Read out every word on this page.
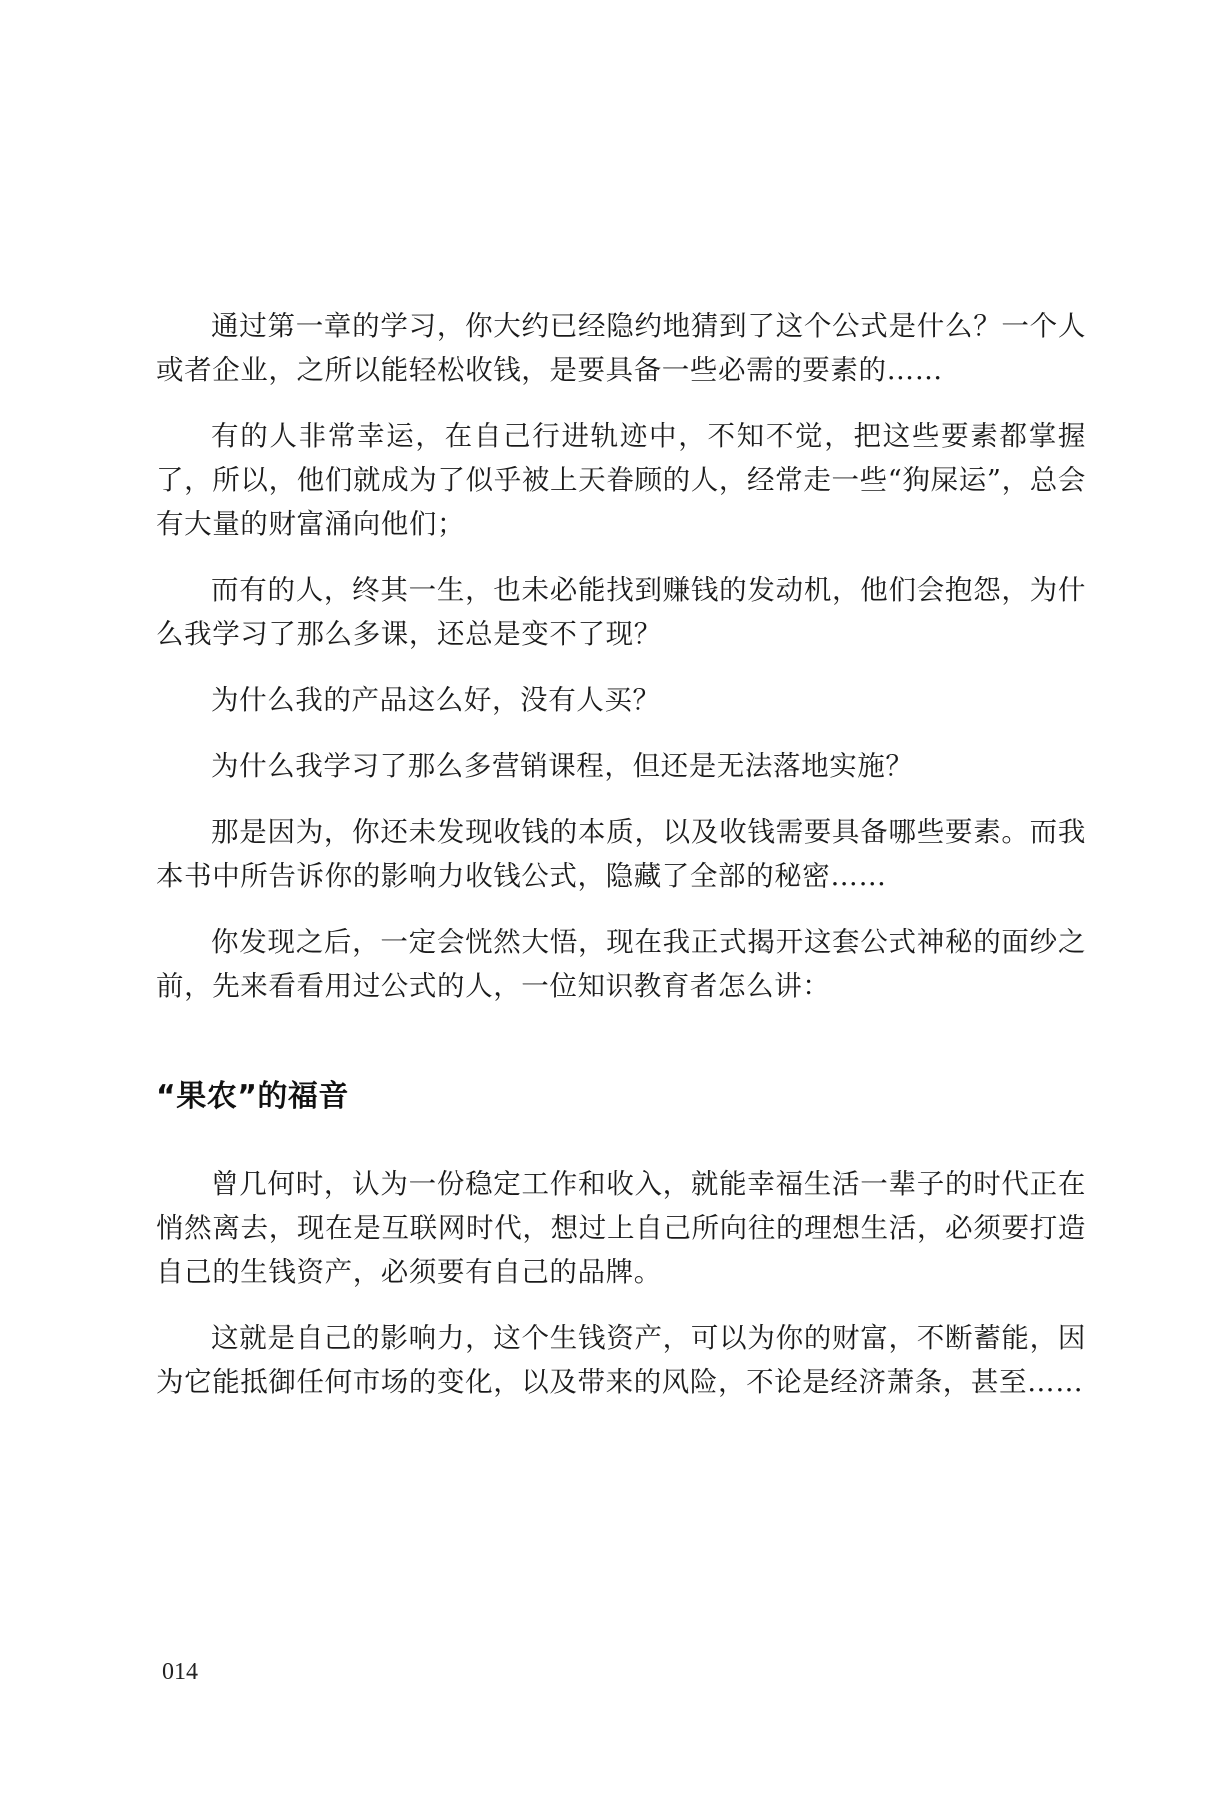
通过第一章的学习，你大约已经隐约地猜到了这个公式是什么？一个人或者企业，之所以能轻松收钱，是要具备一些必需的要素的……

有的人非常幸运，在自己行进轨迹中，不知不觉，把这些要素都掌握了，所以，他们就成为了似乎被上天眷顾的人，经常走一些“狗屎运”，总会有大量的财富涌向他们；

而有的人，终其一生，也未必能找到赚钱的发动机，他们会抱怨，为什么我学习了那么多课，还总是变不了现？

为什么我的产品这么好，没有人买？

为什么我学习了那么多营销课程，但还是无法落地实施？

那是因为，你还未发现收钱的本质，以及收钱需要具备哪些要素。而我本书中所告诉你的影响力收钱公式，隐藏了全部的秘密……

你发现之后，一定会恍然大悟，现在我正式揭开这套公式神秘的面纱之前，先来看看用过公式的人，一位知识教育者怎么讲：

“果农”的福音

曾几何时，认为一份稳定工作和收入，就能幸福生活一辈子的时代正在悄然离去，现在是互联网时代，想过上自己所向往的理想生活，必须要打造自己的生钱资产，必须要有自己的品牌。

这就是自己的影响力，这个生钱资产，可以为你的财富，不断蓄能，因为它能抵御任何市场的变化，以及带来的风险，不论是经济萧条，甚至……

014
